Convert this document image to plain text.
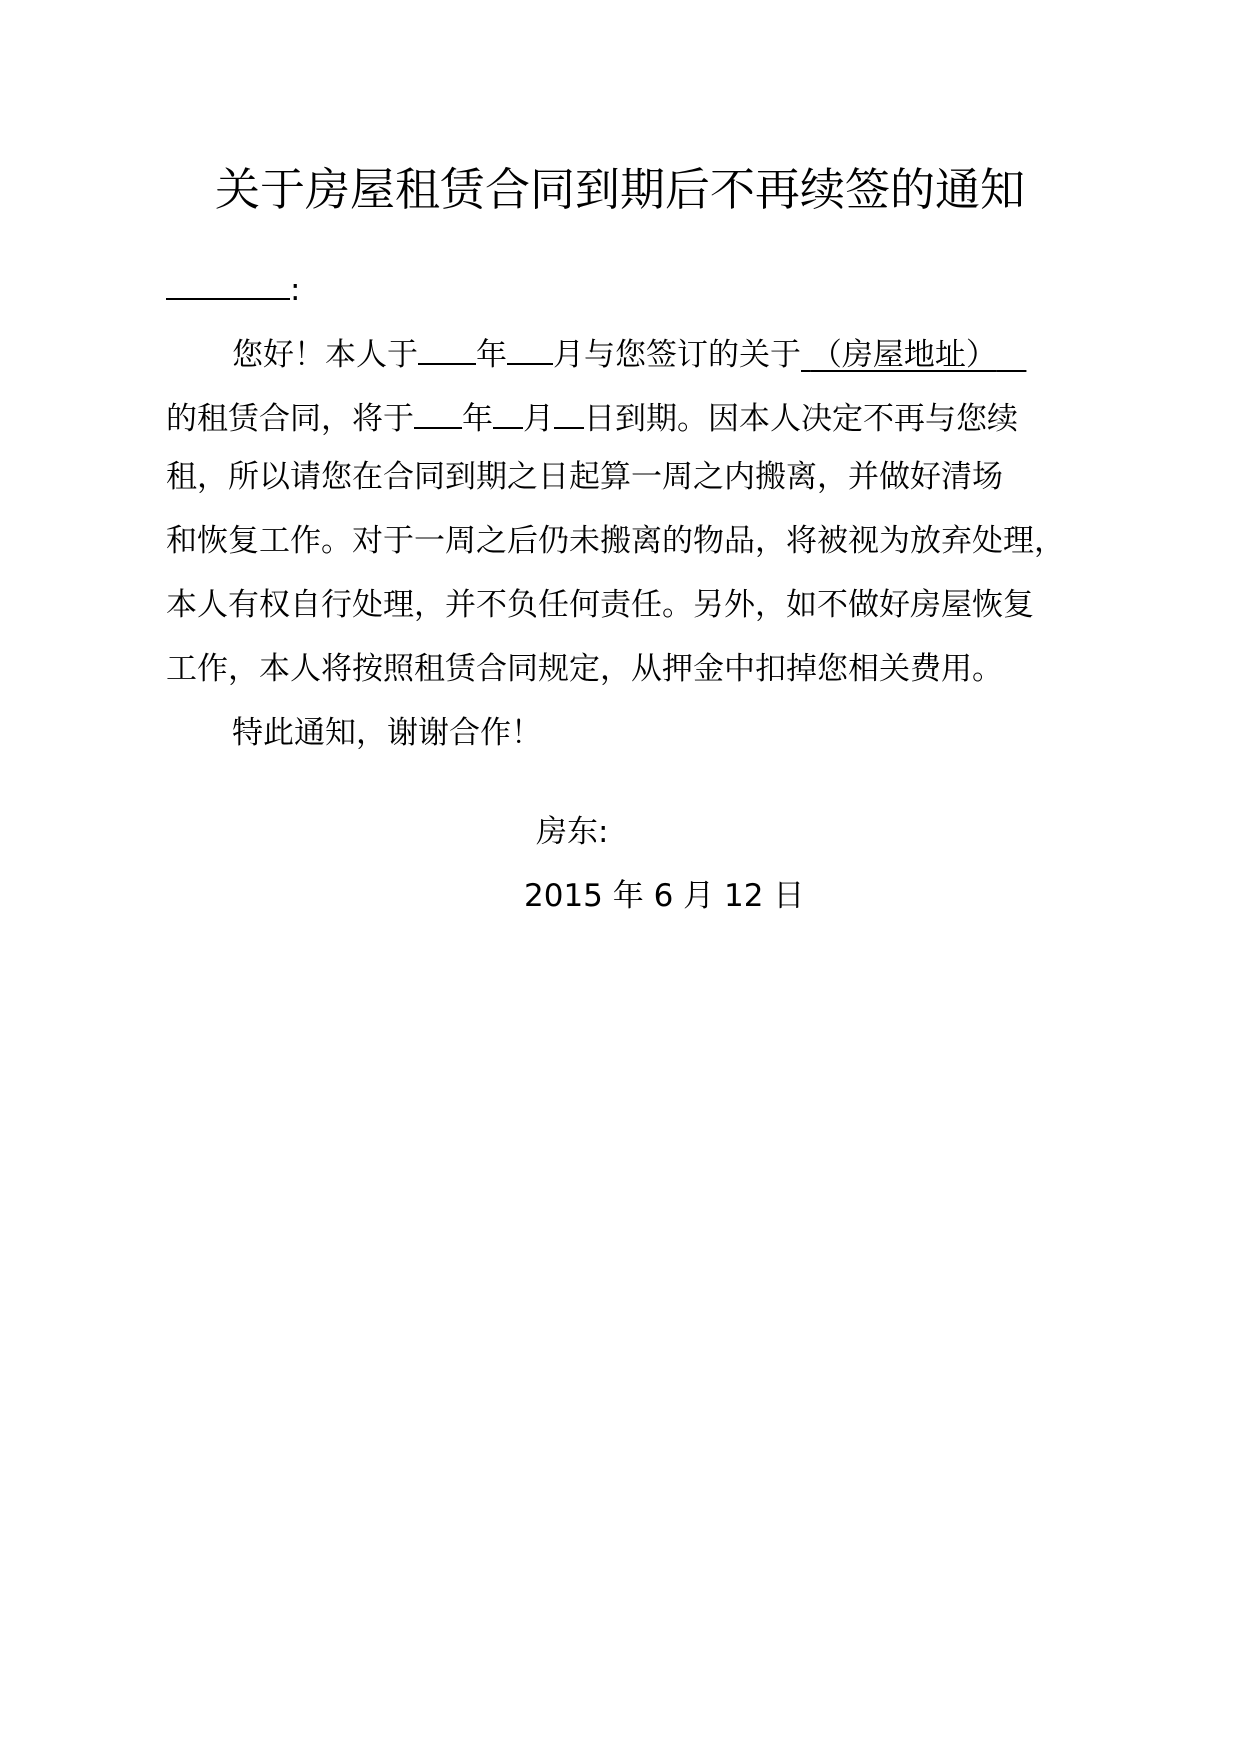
关于房屋租赁合同到期后不再续签的通知
:
您好！本人于 年 月与您签订的关于 （房屋地址）
的租赁合同，将于 年 月 日到期。因本人决定不再与您续
租，所以请您在合同到期之日起算一周之内搬离，并做好清场
和恢复工作。对于一周之后仍未搬离的物品，将被视为放弃处理，
本人有权自行处理，并不负任何责任。另外，如不做好房屋恢复
工作，本人将按照租赁合同规定，从押金中扣掉您相关费用。
特此通知，谢谢合作！
房东:
2015 年 6 月 12 日
